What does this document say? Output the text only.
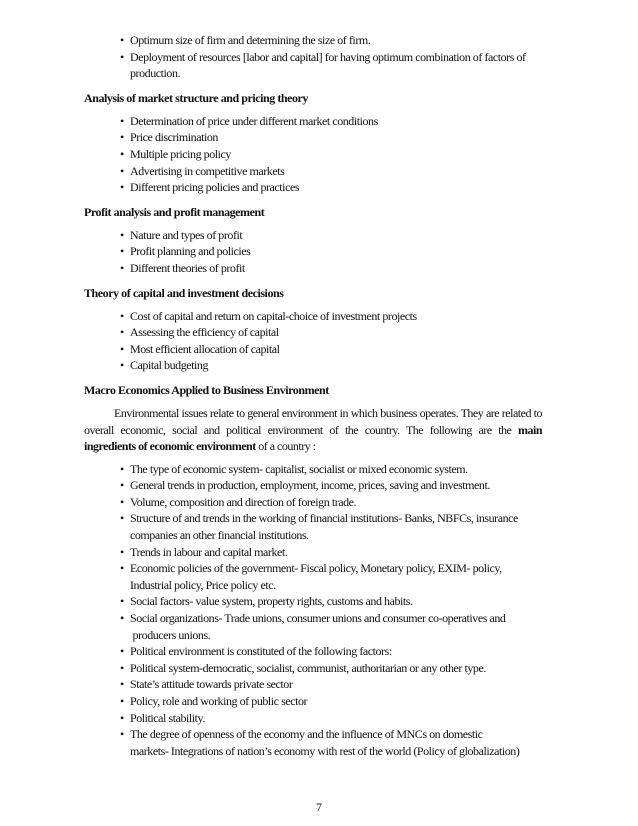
• Optimum size of firm and determining the size of firm.
• Deployment of resources [labor and capital] for having optimum combination of factors of
production.
Analysis of market structure and pricing theory
• Determination of price under different market conditions
• Price discrimination
• Multiple pricing policy
• Advertising in competitive markets
• Different pricing policies and practices
Profit analysis and profit management
• Nature and types of profit
• Profit planning and policies
• Different theories of profit
Theory of capital and investment decisions
• Cost of capital and return on capital-choice of investment projects
• Assessing the efficiency of capital
• Most efficient allocation of capital
• Capital budgeting
Macro Economics Applied to Business Environment

Environmental issues relate to general environment in which business operates. They are related to overall economic, social and political environment of the country. The following are the main ingredients of economic environment of a country :

• The type of economic system- capitalist, socialist or mixed economic system.
• General trends in production, employment, income, prices, saving and investment.
• Volume, composition and direction of foreign trade.
• Structure of and trends in the working of financial institutions- Banks, NBFCs, insurance
companies an other financial institutions.
• Trends in labour and capital market.
• Economic policies of the government- Fiscal policy, Monetary policy, EXIM- policy,
Industrial policy, Price policy etc.
• Social factors- value system, property rights, customs and habits.
• Social organizations- Trade unions, consumer unions and consumer co-operatives and
producers unions.
• Political environment is constituted of the following factors:
• Political system-democratic, socialist, communist, authoritarian or any other type.
• State’s attitude towards private sector
• Policy, role and working of public sector
• Political stability.
• The degree of openness of the economy and the influence of MNCs on domestic
markets- Integrations of nation’s economy with rest of the world (Policy of globalization)
7
